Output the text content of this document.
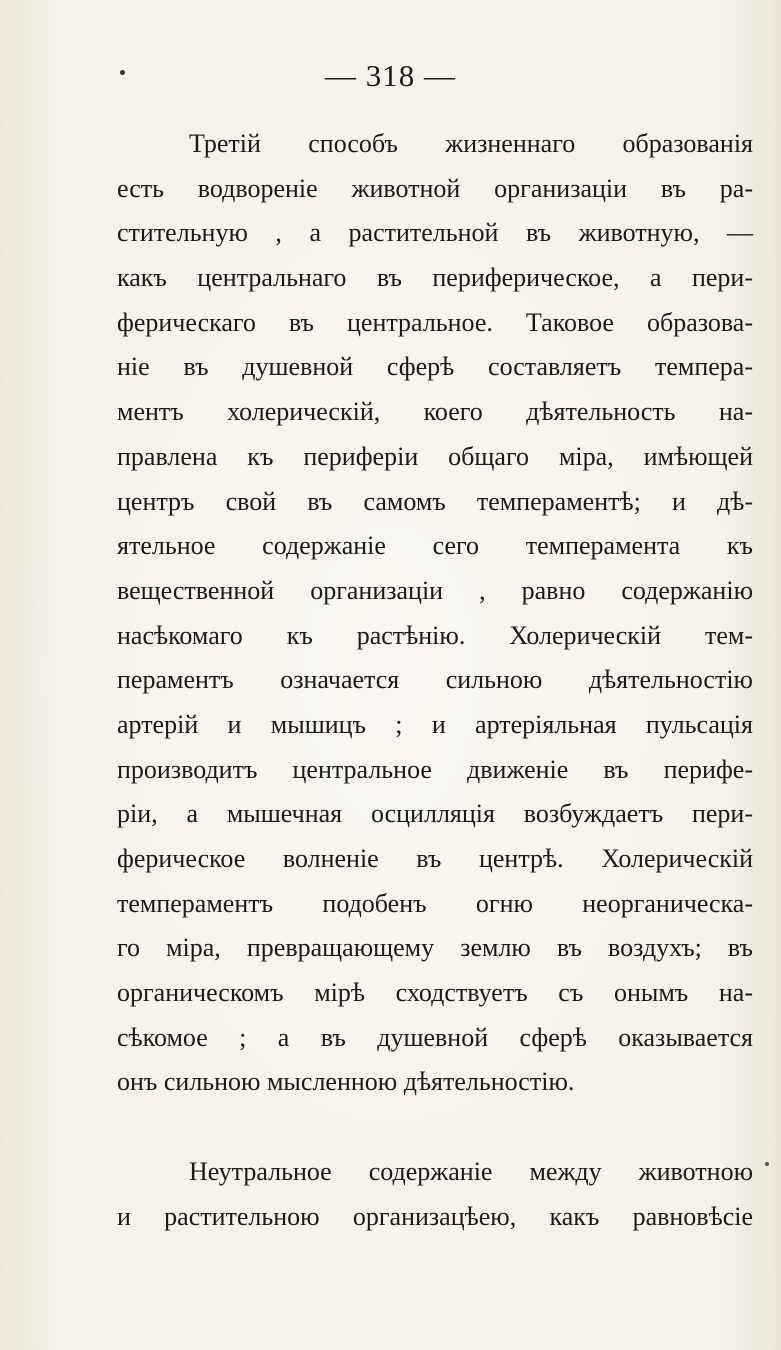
— 318 —
Третій способъ жизненнаго образованія
есть водвореніе животной организаціи въ ра-
стительную , а растительной въ животную, —
какъ центральнаго въ периферическое, а пери-
ферическаго въ центральное. Таковое образова-
ніе въ душевной сферѣ составляетъ темпера-
ментъ холерическій, коего дѣятельность на-
правлена къ периферіи общаго міра, имѣющей
центръ свой въ самомъ темпераментѣ; и дѣ-
ятельное содержаніе сего темперамента къ
вещественной организаціи , равно содержанію
насѣкомаго къ растѣнію. Холерическій тем-
пераментъ означается сильною дѣятельностію
артерій и мышицъ ; и артеріяльная пульсація
производитъ центральное движеніе въ перифе-
ріи, а мышечная осцилляція возбуждаетъ пери-
ферическое волненіе въ центрѣ. Холерическій
темпераментъ подобенъ огню неорганическа-
го міра, превращающему землю въ воздухъ; въ
органическомъ мірѣ сходствуетъ съ онымъ на-
сѣкомое ; а въ душевной сферѣ оказывается
онъ сильною мысленною дѣятельностію.
Неутральное содержаніе между животною
и растительною организацѣею, какъ равновѣсіе
